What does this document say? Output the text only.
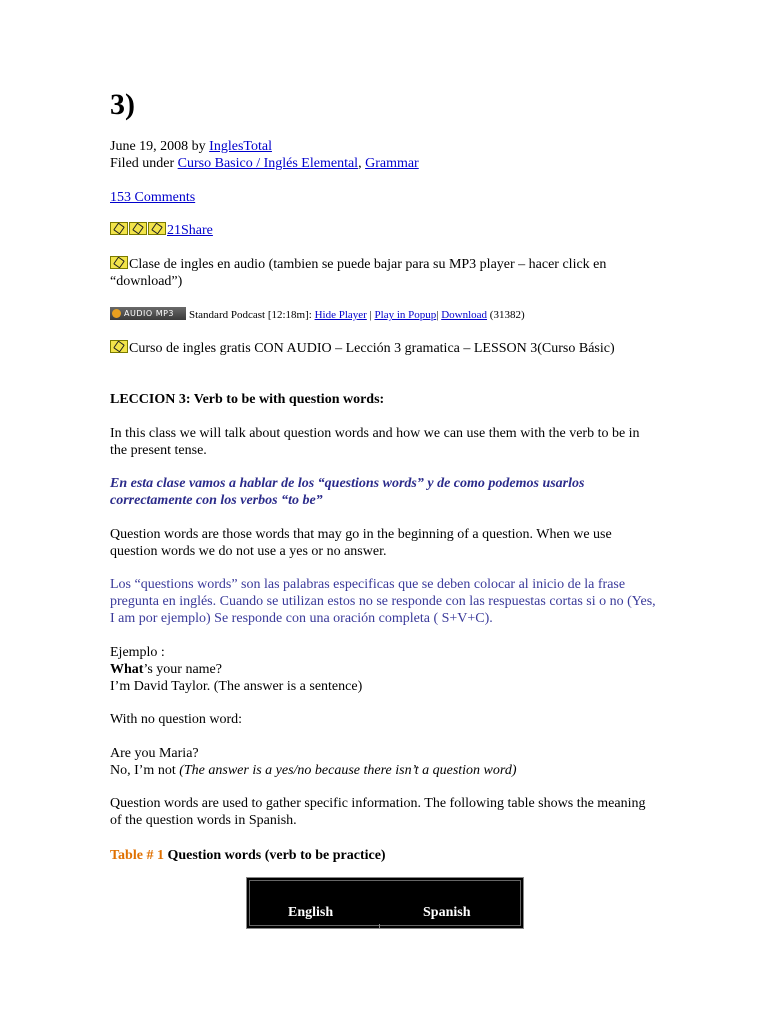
3)
June 19, 2008 by InglesTotal
Filed under Curso Basico / Inglés Elemental, Grammar
153 Comments
21Share
Clase de ingles en audio (tambien se puede bajar para su MP3 player – hacer click en “download”)
AUDIO MP3 Standard Podcast [12:18m]: Hide Player | Play in Popup| Download (31382)
Curso de ingles gratis CON AUDIO – Lección 3 gramatica – LESSON 3(Curso Básic)
LECCION 3: Verb to be with question words:
In this class we will talk about question words and how we can use them with the verb to be in the present tense.
En esta clase vamos a hablar de los “questions words” y de como podemos usarlos correctamente con los verbos “to be”
Question words are those words that may go in the beginning of a question. When we use question words we do not use a yes or no answer.
Los “questions words” son las palabras especificas que se deben colocar al inicio de la frase pregunta en inglés. Cuando se utilizan estos no se responde con las respuestas cortas si o no (Yes, I am por ejemplo) Se responde con una oración completa ( S+V+C).
Ejemplo :
What’s your name?
I’m David Taylor. (The answer is a sentence)
With no question word:
Are you Maria?
No, I’m not (The answer is a yes/no because there isn’t a question word)
Question words are used to gather specific information. The following table shows the meaning of the question words in Spanish.
Table # 1 Question words (verb to be practice)
English	Spanish
